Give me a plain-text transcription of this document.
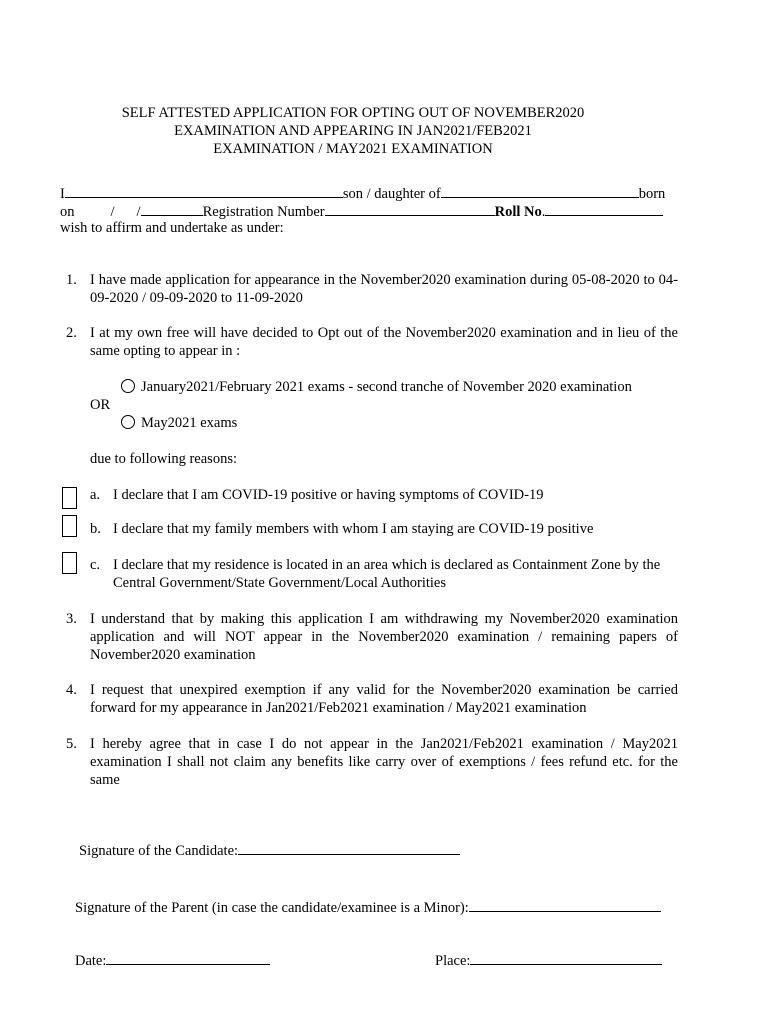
SELF ATTESTED APPLICATION FOR OPTING OUT OF NOVEMBER2020
EXAMINATION AND APPEARING IN JAN2021/FEB2021
EXAMINATION / MAY2021 EXAMINATION
I	son / daughter of	born
on / /	Registration Number	Roll No.
wish to affirm and undertake as under:
1. I have made application for appearance in the November2020 examination during 05-08-2020 to 04-09-2020 / 09-09-2020 to 11-09-2020
2. I at my own free will have decided to Opt out of the November2020 examination and in lieu of the same opting to appear in :
January2021/February 2021 exams - second tranche of November 2020 examination
OR
May2021 exams
due to following reasons:
a. I declare that I am COVID-19 positive or having symptoms of COVID-19
b. I declare that my family members with whom I am staying are COVID-19 positive
c. I declare that my residence is located in an area which is declared as Containment Zone by the Central Government/State Government/Local Authorities
3. I understand that by making this application I am withdrawing my November2020 examination application and will NOT appear in the November2020 examination / remaining papers of November2020 examination
4. I request that unexpired exemption if any valid for the November2020 examination be carried forward for my appearance in Jan2021/Feb2021 examination / May2021 examination
5. I hereby agree that in case I do not appear in the Jan2021/Feb2021 examination / May2021 examination I shall not claim any benefits like carry over of exemptions / fees refund etc. for the same
Signature of the Candidate:
Signature of the Parent (in case the candidate/examinee is a Minor):
Date:	Place:
